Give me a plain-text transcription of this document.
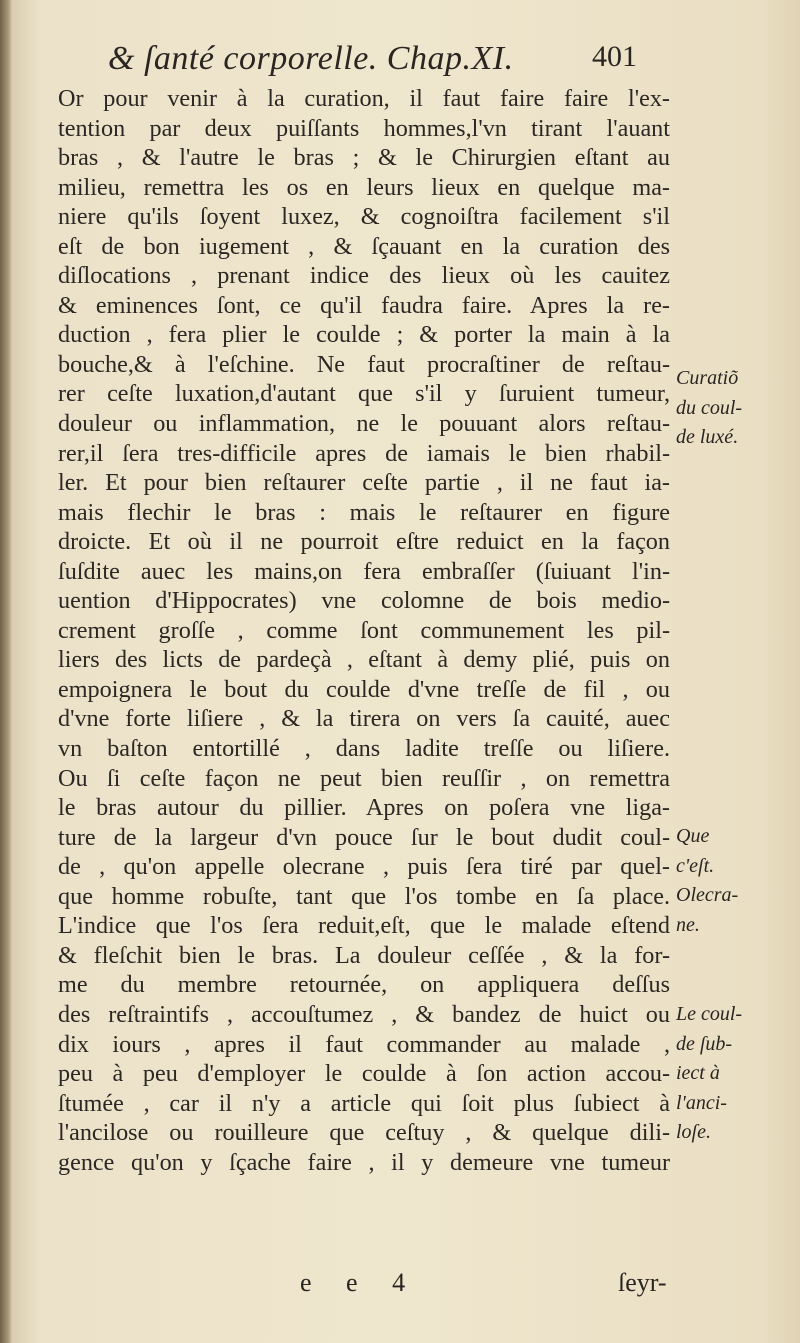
& ſanté corporelle. Chap.XI.	401
Or pour venir à la curation, il faut faire faire l'ex-
tention par deux puiſſants hommes,l'vn tirant l'auant
bras , & l'autre le bras ; & le Chirurgien eſtant au
milieu, remettra les os en leurs lieux en quelque ma-
niere qu'ils ſoyent luxez, & cognoiſtra facilement s'il
eſt de bon iugement , & ſçauant en la curation des
diſlocations , prenant indice des lieux où les cauitez
& eminences ſont, ce qu'il faudra faire. Apres la re-
duction , fera plier le coulde ; & porter la main à la
bouche,& à l'eſchine. Ne faut procraſtiner de reſtau-
rer ceſte luxation,d'autant que s'il y ſuruient tumeur,
douleur ou inflammation, ne le pouuant alors reſtau-
rer,il ſera tres-difficile apres de iamais le bien rhabil-
ler. Et pour bien reſtaurer ceſte partie , il ne faut ia-
mais flechir le bras : mais le reſtaurer en figure
droicte. Et où il ne pourroit eſtre reduict en la façon
ſuſdite auec les mains,on fera embraſſer (ſuiuant l'in-
uention d'Hippocrates) vne colomne de bois medio-
crement groſſe , comme ſont communement les pil-
liers des licts de pardeçà , eſtant à demy plié, puis on
empoignera le bout du coulde d'vne treſſe de fil , ou
d'vne forte liſiere , & la tirera on vers ſa cauité, auec
vn baſton entortillé , dans ladite treſſe ou liſiere.
Ou ſi ceſte façon ne peut bien reuſſir , on remettra
le bras autour du pillier. Apres on poſera vne liga-
ture de la largeur d'vn pouce ſur le bout dudit coul-
de , qu'on appelle olecrane , puis ſera tiré par quel-
que homme robuſte, tant que l'os tombe en ſa place.
L'indice que l'os ſera reduit,eſt, que le malade eſtend
& fleſchit bien le bras. La douleur ceſſée , & la for-
me du membre retournée, on appliquera deſſus
des reſtraintifs , accouſtumez , & bandez de huict ou
dix iours , apres il faut commander au malade ,
peu à peu d'employer le coulde à ſon action accou-
ſtumée , car il n'y a article qui ſoit plus ſubiect à
l'ancilose ou rouilleure que ceſtuy , & quelque dili-
gence qu'on y ſçache faire , il y demeure vne tumeur
Curatiõ
du coul-
de luxé.
Que
c'eſt.
Olecra-
ne.
Le coul-
de ſub-
iect à
l'anci-
loſe.
e e 4	ſeyr-
